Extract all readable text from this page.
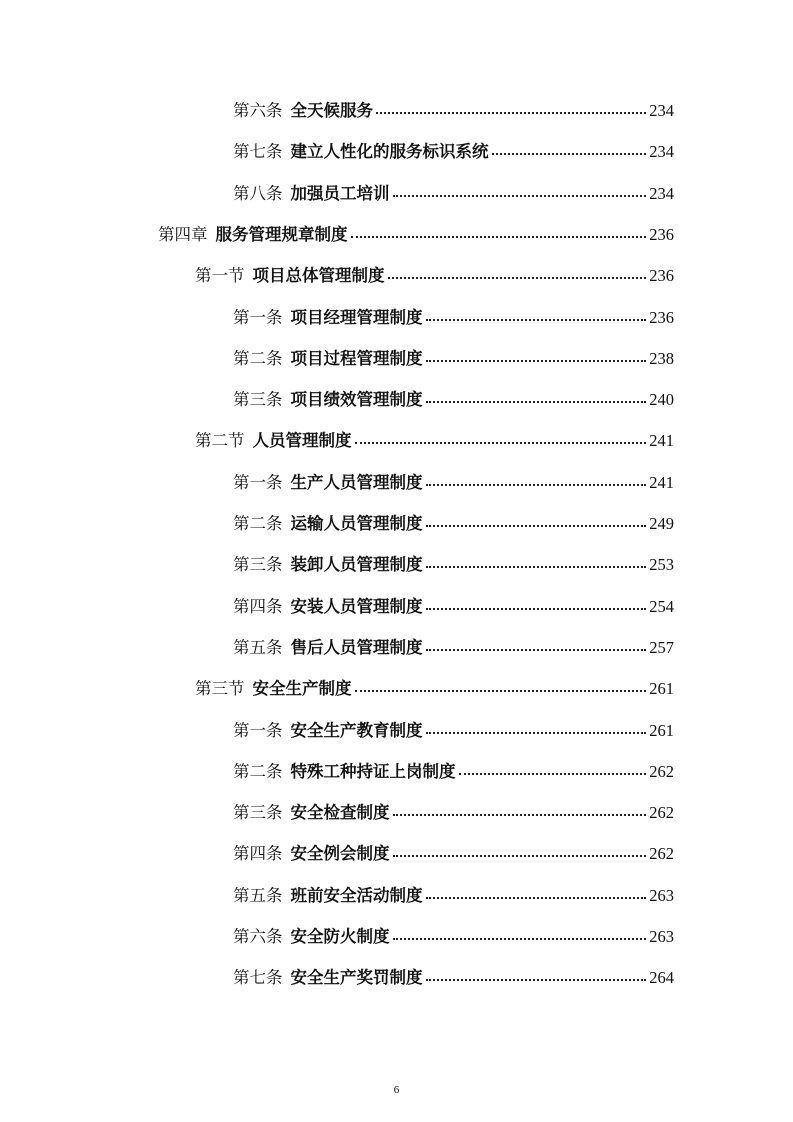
第六条 全天候服务	234
第七条 建立人性化的服务标识系统	234
第八条 加强员工培训	234
第四章 服务管理规章制度	236
第一节 项目总体管理制度	236
第一条 项目经理管理制度	236
第二条 项目过程管理制度	238
第三条 项目绩效管理制度	240
第二节 人员管理制度	241
第一条 生产人员管理制度	241
第二条 运输人员管理制度	249
第三条 装卸人员管理制度	253
第四条 安装人员管理制度	254
第五条 售后人员管理制度	257
第三节 安全生产制度	261
第一条 安全生产教育制度	261
第二条 特殊工种持证上岗制度	262
第三条 安全检查制度	262
第四条 安全例会制度	262
第五条 班前安全活动制度	263
第六条 安全防火制度	263
第七条 安全生产奖罚制度	264
6
